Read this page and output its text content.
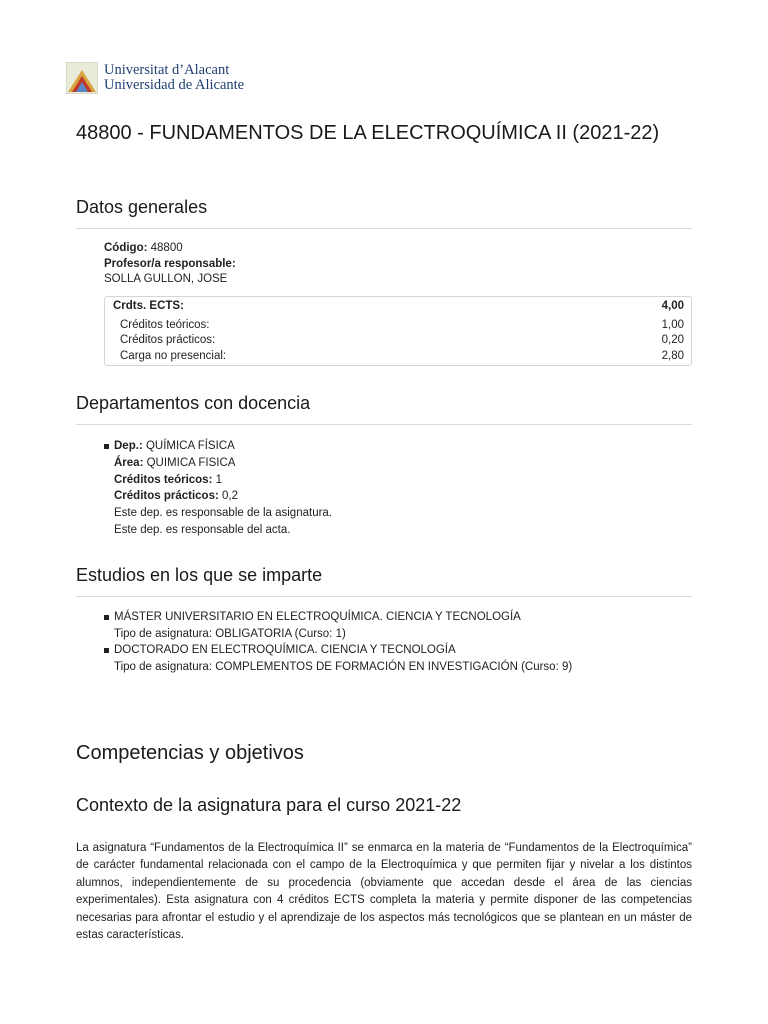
Universitat d’Alacant
Universidad de Alicante
48800 - FUNDAMENTOS DE LA ELECTROQUÍMICA II (2021-22)
Datos generales
Código: 48800
Profesor/a responsable:
SOLLA GULLON, JOSE
Crdts. ECTS:	4,00
Créditos teóricos:	1,00
Créditos prácticos:	0,20
Carga no presencial:	2,80
Departamentos con docencia
Dep.: QUÍMICA FÍSICA
Área: QUIMICA FISICA
Créditos teóricos: 1
Créditos prácticos: 0,2
Este dep. es responsable de la asignatura.
Este dep. es responsable del acta.
Estudios en los que se imparte
MÁSTER UNIVERSITARIO EN ELECTROQUÍMICA. CIENCIA Y TECNOLOGÍA
Tipo de asignatura: OBLIGATORIA (Curso: 1)
DOCTORADO EN ELECTROQUÍMICA. CIENCIA Y TECNOLOGÍA
Tipo de asignatura: COMPLEMENTOS DE FORMACIÓN EN INVESTIGACIÓN (Curso: 9)
Competencias y objetivos
Contexto de la asignatura para el curso 2021-22

La asignatura “Fundamentos de la Electroquímica II” se enmarca en la materia de “Fundamentos de la Electroquímica” de carácter fundamental relacionada con el campo de la Electroquímica y que permiten fijar y nivelar a los distintos alumnos, independientemente de su procedencia (obviamente que accedan desde el área de las ciencias experimentales). Esta asignatura con 4 créditos ECTS completa la materia y permite disponer de las competencias necesarias para afrontar el estudio y el aprendizaje de los aspectos más tecnológicos que se plantean en un máster de estas características.
